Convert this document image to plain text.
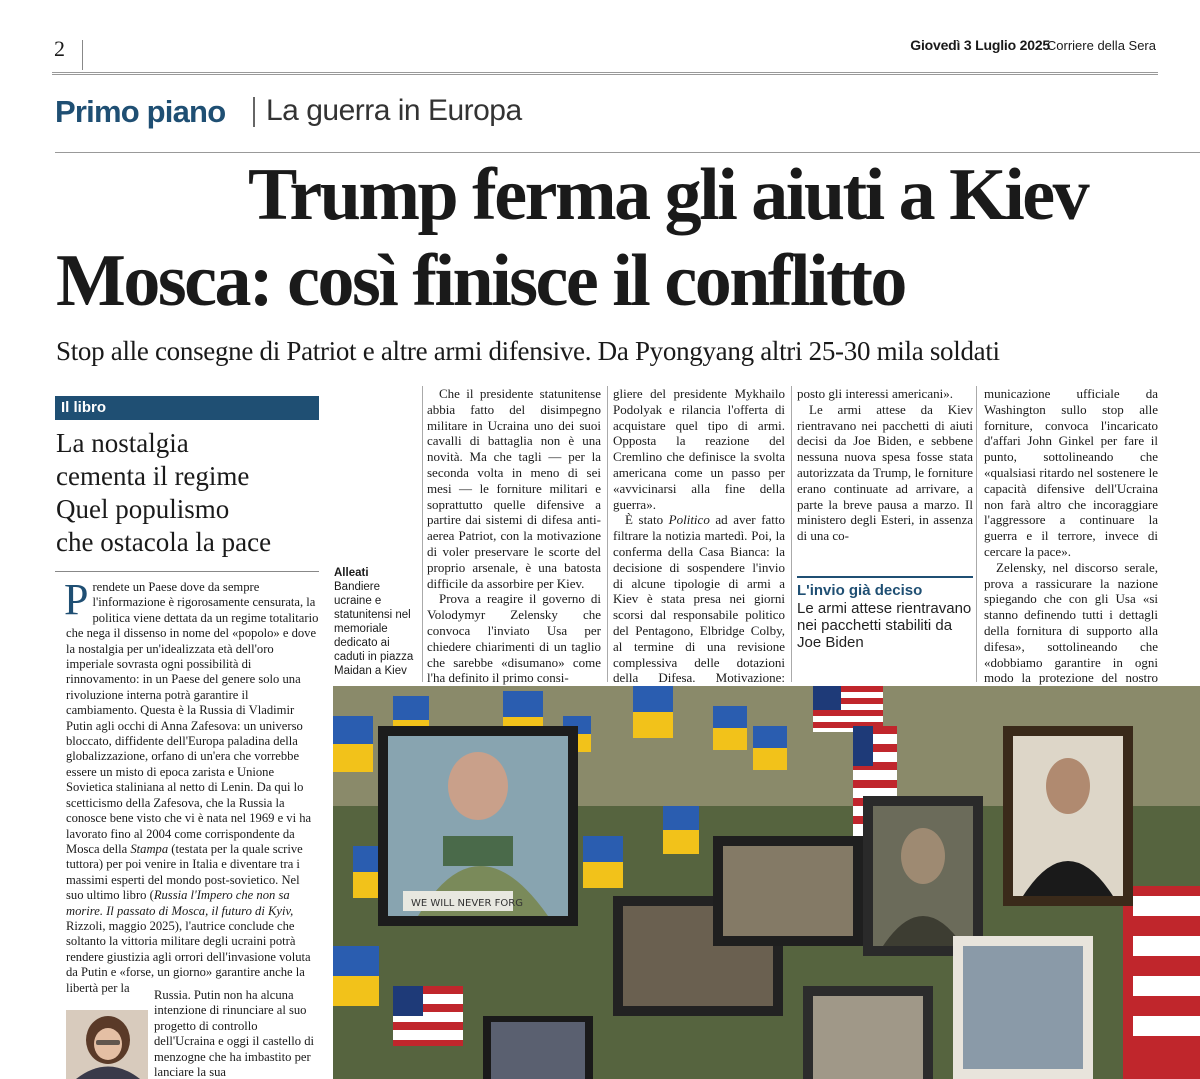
2	Giovedì 3 Luglio 2025
Corriere della Sera
Primo piano La guerra in Europa
Trump ferma gli aiuti a Kiev
Mosca: così finisce il conflitto
Stop alle consegne di Patriot e altre armi difensive. Da Pyongyang altri 25-30 mila soldati
Il libro
La nostalgia
cementa il regime
Quel populismo
che ostacola la pace
Prendete un Paese dove da sempre l'informazione è rigorosamente censurata, la politica viene dettata da un regime totalitario che nega il dissenso in nome del «popolo» e dove la nostalgia per un'idealizzata età dell'oro imperiale sovrasta ogni possibilità di rinnovamento: in un Paese del genere solo una rivoluzione interna potrà garantire il cambiamento. Questa è la Russia di Vladimir Putin agli occhi di Anna Zafesova: un universo bloccato, diffidente dell'Europa paladina della globalizzazione, orfano di un'era che vorrebbe essere un misto di epoca zarista e Unione Sovietica staliniana al netto di Lenin. Da qui lo scetticismo della Zafesova, che la Russia la conosce bene visto che vi è nata nel 1969 e vi ha lavorato fino al 2004 come corrispondente da Mosca della Stampa (testata per la quale scrive tuttora) per poi venire in Italia e diventare tra i massimi esperti del mondo post-sovietico. Nel suo ultimo libro (Russia l'Impero che non sa morire. Il passato di Mosca, il futuro di Kyiv, Rizzoli, maggio 2025), l'autrice conclude che soltanto la vittoria militare degli ucraini potrà rendere giustizia agli orrori dell'invasione voluta da Putin e «forse, un giorno» garantire anche la libertà per la
Russia. Putin non ha alcuna intenzione di rinunciare al suo progetto di controllo dell'Ucraina e oggi il castello di menzogne che ha imbastito per lanciare la sua
Alleati
Bandiere ucraine e statunitensi nel memoriale dedicato ai caduti in piazza Maidan a Kiev

Che il presidente statunitense abbia fatto del disimpegno militare in Ucraina uno dei suoi cavalli di battaglia non è una novità. Ma che tagli — per la seconda volta in meno di sei mesi — le forniture militari e soprattutto quelle difensive a partire dai sistemi di difesa anti-aerea Patriot, con la motivazione di voler preservare le scorte del proprio arsenale, è una batosta difficile da assorbire per Kiev.

Prova a reagire il governo di Volodymyr Zelensky che convoca l'inviato Usa per chiedere chiarimenti di un taglio che sarebbe «disumano» come l'ha definito il primo consi-

gliere del presidente Mykhailo Podolyak e rilancia l'offerta di acquistare quel tipo di armi. Opposta la reazione del Cremlino che definisce la svolta americana come un passo per «avvicinarsi alla fine della guerra».

È stato Politico ad aver fatto filtrare la notizia martedì. Poi, la conferma della Casa Bianca: la decisione di sospendere l'invio di alcune tipologie di armi a Kiev è stata presa nei giorni scorsi dal responsabile politico del Pentagono, Elbridge Colby, al termine di una revisione complessiva delle dotazioni della Difesa. Motivazione:

posto gli interessi americani».

Le armi attese da Kiev rientravano nei pacchetti di aiuti decisi da Joe Biden, e sebbene nessuna nuova spesa fosse stata autorizzata da Trump, le forniture erano continuate ad arrivare, a parte la breve pausa a marzo. Il ministero degli Esteri, in assenza di una co-

municazione ufficiale da Washington sullo stop alle forniture, convoca l'incaricato d'affari John Ginkel per fare il punto, sottolineando che «qualsiasi ritardo nel sostenere le capacità difensive dell'Ucraina non farà altro che incoraggiare l'aggressore a continuare la guerra e il terrore, invece di cercare la pace».

Zelensky, nel discorso serale, prova a rassicurare la nazione spiegando che con gli Usa «si stanno definendo tutti i dettagli della fornitura di supporto alla difesa», sottolineando che «dobbiamo garantire in ogni modo la protezione del nostro

L'invio già deciso
Le armi attese rientravano nei pacchetti stabiliti da Joe Biden
WE WILL NEVER FORG
